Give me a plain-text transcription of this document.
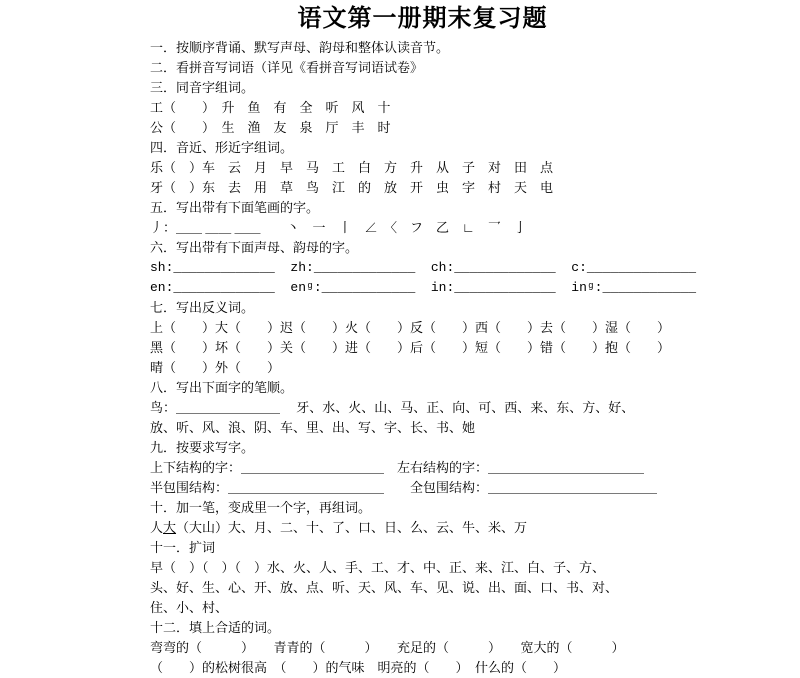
语文第一册期末复习题
一．按顺序背诵、默写声母、韵母和整体认读音节。
二．看拼音写词语（详见《看拼音写词语试卷》
三．同音字组词。
工（　　）　升　鱼　有　全　听　风　十
公（　　）　生　渔　友　泉　厅　丰　时
四．音近、形近字组词。
乐（　）车　云　月　早　马　工　白　方　升　从　子　对　田　点
牙（　）东　去　用　草　鸟　江　的　放　开　虫　字　村　天　电
五．写出带有下面笔画的字。
丿：＿＿ ＿＿ ＿＿　　丶　一　丨　∠　〈　フ　乙　∟　乛　亅
六．写出带有下面声母、韵母的字。
sh:_____________  zh:_____________  ch:_____________  c:______________
en:_____________  enᵍ:____________  in:_____________  inᵍ:____________
七．写出反义词。
上（　　）大（　　）迟（　　）火（　　）反（　　）西（　　）去（　　）湿（　　）
黑（　　）坏（　　）关（　　）进（　　）后（　　）短（　　）错（　　）抱（　　）
晴（　　）外（　　）
八．写出下面字的笔顺。
鸟：＿＿＿＿＿＿＿＿　 牙、水、火、山、马、正、向、可、西、来、东、方、好、
放、听、风、浪、阴、车、里、出、写、字、长、书、她
九．按要求写字。
上下结构的字：＿＿＿＿＿＿＿＿＿＿＿　左右结构的字：＿＿＿＿＿＿＿＿＿＿＿＿
半包围结构：＿＿＿＿＿＿＿＿＿＿＿＿　　全包围结构：＿＿＿＿＿＿＿＿＿＿＿＿＿
十．加一笔，变成里一个字，再组词。
人大（大山）大、月、二、十、了、口、日、么、云、牛、米、万
十一．扩词
早（　）（　）（　）水、火、人、手、工、才、中、正、来、江、白、子、方、
头、好、生、心、开、放、点、听、天、风、车、见、说、出、面、口、书、对、
住、小、村、
十二．填上合适的词。
弯弯的（　　　）　　青青的（　　　）　　充足的（　　　）　　宽大的（　　　）
（　　）的松树很高　（　　）的气味　明亮的（　　）　什么的（　　）
